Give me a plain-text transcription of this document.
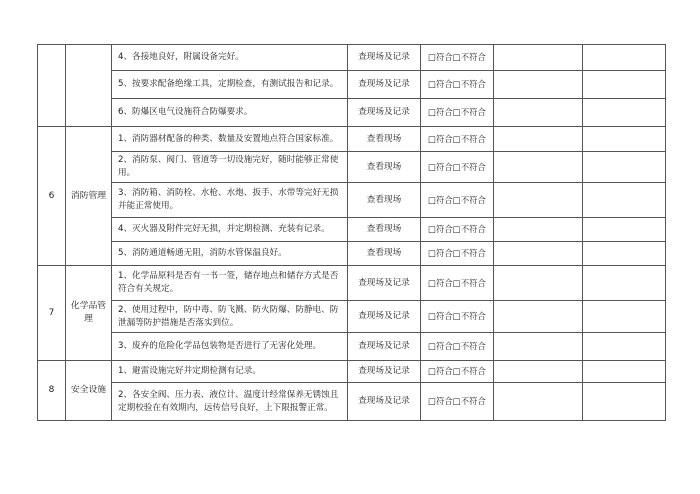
		4、各接地良好，附属设备完好。	查现场及记录	□符合□不符合		
		5、按要求配备绝缘工具，定期检查，有测试报告和记录。	查现场及记录	□符合□不符合		
		6、防爆区电气设施符合防爆要求。	查现场及记录	□符合□不符合		
6	消防管理	1、消防器材配备的种类、数量及安置地点符合国家标准。	查看现场	□符合□不符合		
		2、消防泵、阀门、管道等一切设施完好，随时能够正常使用。	查看现场	□符合□不符合		
		3、消防箱、消防栓、水枪、水炮、扳手、水带等完好无损并能正常使用。	查看现场	□符合□不符合		
		4、灭火器及附件完好无损，并定期检测、充装有记录。	查看现场	□符合□不符合		
		5、消防通道畅通无阻，消防水管保温良好。	查看现场	□符合□不符合		
7	化学品管理	1、化学品原料是否有一书一签，储存地点和储存方式是否符合有关规定。	查现场及记录	□符合□不符合		
		2、使用过程中，防中毒、防飞溅、防火防爆、防静电、防泄漏等防护措施是否落实到位。	查现场及记录	□符合□不符合		
		3、废弃的危险化学品包装物是否进行了无害化处理。	查现场及记录	□符合□不符合		
8	安全设施	1、避雷设施完好并定期检测有记录。	查现场及记录	□符合□不符合		
		2、各安全阀、压力表、液位计、温度计经常保养无锈蚀且定期校验在有效期内，远传信号良好，上下限报警正常。	查现场及记录	□符合□不符合		
